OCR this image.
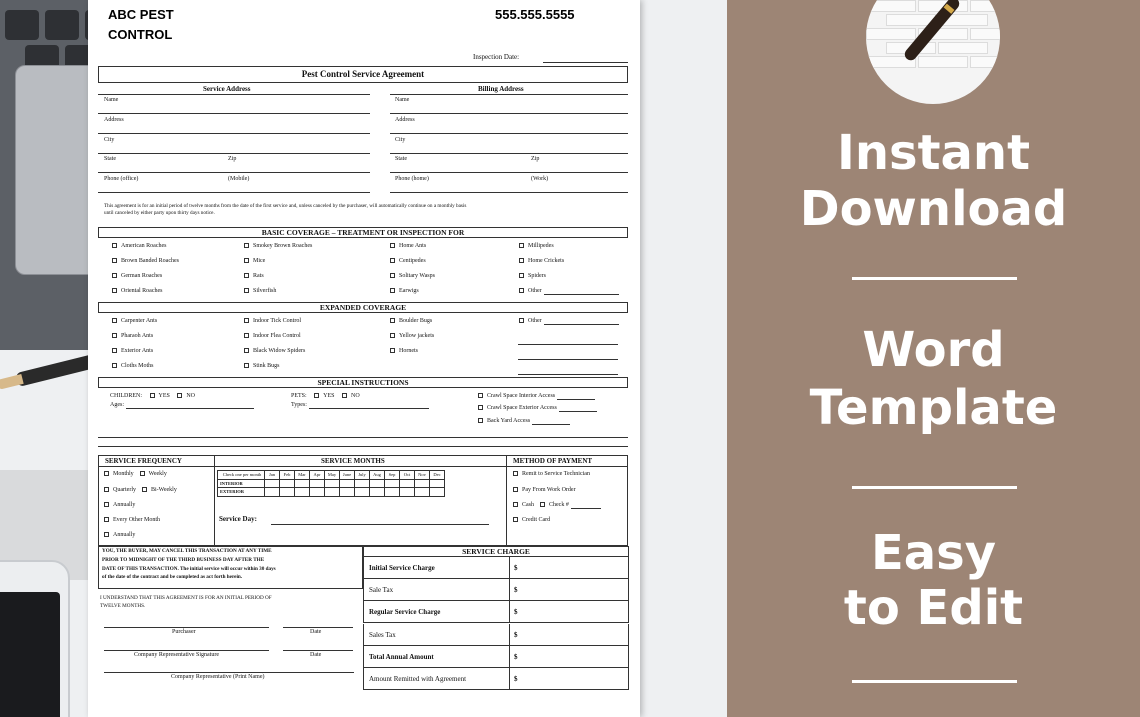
ABC PEST
CONTROL
555.555.5555
Inspection Date:
Pest Control Service Agreement
Service Address	Billing Address
Name	Name
Address	Address
City	City
State	Zip	State	Zip
Phone (office)	(Mobile)	Phone (home)	(Work)
This agreement is for an initial period of twelve months from the date of the first service and, unless canceled by the purchaser, will automatically continue on a monthly basis
until canceled by either party upon thirty days notice.
BASIC COVERAGE – TREATMENT OR INSPECTION FOR
American Roaches
Brown Banded Roaches
German Roaches
Oriental Roaches
Smokey Brown Roaches
Mice
Rats
Silverfish
Home Ants
Centipedes
Solitary Wasps
Earwigs
Millipedes
Home Crickets
Spiders
Other
EXPANDED COVERAGE
Carpenter Ants
Pharaoh Ants
Exterior Ants
Cloths Moths
Indoor Tick Control
Indoor Flea Control
Black Widow Spiders
Stink Bugs
Boulder Bugs
Yellow jackets
Hornets
Other
SPECIAL INSTRUCTIONS
CHILDREN:	YES	NO
Ages:
PETS:	YES	NO
Types:
Crawl Space Interior Access
Crawl Space Exterior Access
Back Yard Access
SERVICE FREQUENCY	SERVICE MONTHS	METHOD OF PAYMENT
Monthly	Weekly
Quarterly	Bi-Weekly
Annually
Every Other Month
Annually
Check one per month	Jan	Feb	Mar	Apr	May	June	July	Aug	Sep	Oct	Nov	Dec
INTERIOR												
EXTERIOR												
Service Day:
Remit to Service Technician
Pay From Work Order
Cash	Check #
Credit Card
YOU, THE BUYER, MAY CANCEL THIS TRANSACTION AT ANY TIME
PRIOR TO MIDNIGHT OF THE THIRD BUSINESS DAY AFTER THE
DATE OF THIS TRANSACTION. The initial service will occur within 30 days
of the date of the contract and be completed as act forth herein.
I UNDERSTAND THAT THIS AGREEMENT IS FOR AN INITIAL PERIOD OF
TWELVE MONTHS.
Purchaser	Date
Company Representative Signature	Date
Company Representative (Print Name)
SERVICE CHARGE
Initial Service Charge	$
Sale Tax	$
Regular Service Charge	$
Sales Tax	$
Total Annual Amount	$
Amount Remitted with Agreement	$
Instant
Download
Word
Template
Easy
to Edit
